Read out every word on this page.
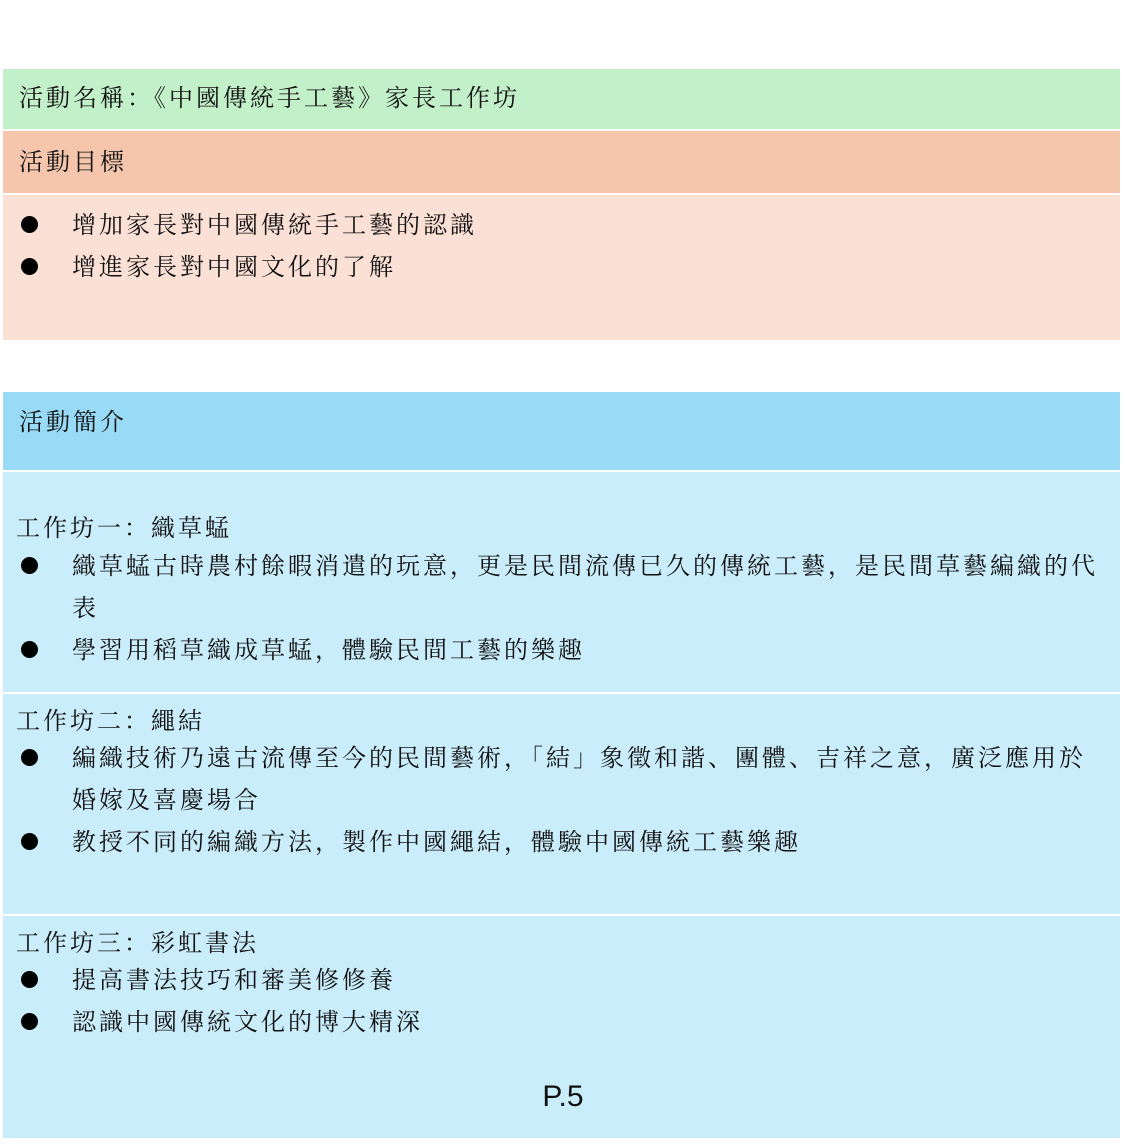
活動名稱：《中國傳統手工藝》家長工作坊
活動目標
增加家長對中國傳統手工藝的認識
增進家長對中國文化的了解
活動簡介
工作坊一：織草蜢
織草蜢古時農村餘暇消遣的玩意，更是民間流傳已久的傳統工藝，是民間草藝編織的代表
學習用稻草織成草蜢，體驗民間工藝的樂趣
工作坊二：繩結
編織技術乃遠古流傳至今的民間藝術，「結」象徵和諧、團體、吉祥之意，廣泛應用於婚嫁及喜慶場合
教授不同的編織方法，製作中國繩結，體驗中國傳統工藝樂趣
工作坊三：彩虹書法
提高書法技巧和審美修修養
認識中國傳統文化的博大精深
P.5
